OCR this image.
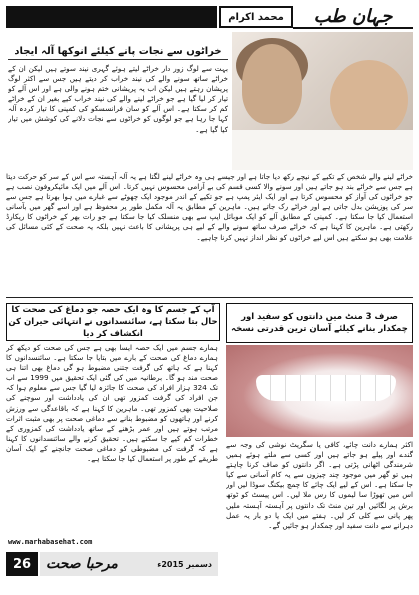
محمد اکرام	جہان طب
خراٹوں سے نجات پانے کیلئے انوکھا آلہ ایجاد
بہت سے لوگ زور دار خراٹے لیتے ہوئے گہری نیند سوتے ہیں لیکن ان کے خراٹے ساتھ سونے والے کی نیند خراب کر دیتے ہیں جس سے اکثر لوگ پریشان رہتے ہیں لیکن اب یہ پریشانی ختم ہونے والی ہے اور اس آلے کو تیار کر لیا گیا ہے جو خراٹے لینے والے کی نیند خراب کیے بغیر ان کے خراٹے کم کر سکتا ہے۔ اس آلے کو سان فرانسسکو کی کمپنی کا تیار کردہ آلہ کہا جا رہا ہے جو لوگوں کو خراٹوں سے نجات دلانے کی کوشش میں تیار کیا گیا ہے۔
خراٹے لینے والے شخص کے تکیے کے نیچے رکھ دیا جاتا ہے اور جیسے ہی وہ خراٹے لینے لگتا ہے یہ آلہ آہستہ سے اس کے سر کو حرکت دیتا ہے جس سے خراٹے بند ہو جاتے ہیں اور سونے والا کسی قسم کی بے آرامی محسوس نہیں کرتا۔ اس آلے میں ایک مائیکروفون نصب ہے جو خراٹوں کی آواز کو محسوس کرتا ہے اور ایک ایئر پمپ ہے جو تکیے کے اندر موجود ایک چھوٹے سے غبارے میں ہوا بھرتا ہے جس سے سر کی پوزیشن بدل جاتی ہے اور خراٹے رک جاتے ہیں۔ ماہرین کے مطابق یہ آلہ مکمل طور پر محفوظ ہے اور اسے گھر میں بآسانی استعمال کیا جا سکتا ہے۔ کمپنی کے مطابق آلے کو ایک موبائل ایپ سے بھی منسلک کیا جا سکتا ہے جو رات بھر کے خراٹوں کا ریکارڈ رکھتی ہے۔ ماہرین کا کہنا ہے کہ خراٹے صرف ساتھ سونے والے کے لیے ہی پریشانی کا باعث نہیں بلکہ یہ صحت کے کئی مسائل کی علامت بھی ہو سکتے ہیں اس لیے خراٹوں کو نظر انداز نہیں کرنا چاہیے۔
صرف 3 منٹ میں دانتوں کو سفید اور چمکدار بنانے کیلئے آسان ترین قدرتی نسخہ
اکثر ہمارے دانت چائے، کافی یا سگریٹ نوشی کی وجہ سے گندے اور پیلے ہو جاتے ہیں اور کسی سے ملتے ہوئے ہمیں شرمندگی اٹھانی پڑتی ہے۔ اگر دانتوں کو صاف کرنا چاہتے ہیں تو گھر میں موجود چند چیزوں سے یہ کام آسانی سے کیا جا سکتا ہے۔ اس کے لیے ایک چائے کا چمچ بیکنگ سوڈا لیں اور اس میں تھوڑا سا لیموں کا رس ملا لیں۔ اس پیسٹ کو ٹوتھ برش پر لگائیں اور تین منٹ تک دانتوں پر آہستہ آہستہ ملیں پھر پانی سے کلی کر لیں۔ ہفتے میں ایک یا دو بار یہ عمل دہرانے سے دانت سفید اور چمکدار ہو جائیں گے۔
آپ کے جسم کا وہ ایک حصہ جو دماغ کی صحت کا حال بتا سکتا ہے، سائنسدانوں نے انتہائی حیران کن انکشاف کر دیا
ہمارے جسم میں ایک حصہ ایسا بھی ہے جس کی صحت کو دیکھ کر ہمارے دماغ کی صحت کے بارے میں بتایا جا سکتا ہے۔ سائنسدانوں کا کہنا ہے کہ ہاتھ کی گرفت جتنی مضبوط ہو گی دماغ بھی اتنا ہی صحت مند ہو گا۔ برطانیہ میں کی گئی ایک تحقیق میں 1999 سے اب تک 324 ہزار افراد کی صحت کا جائزہ لیا گیا جس سے معلوم ہوا کہ جن افراد کی گرفت کمزور تھی ان کی یادداشت اور سوچنے کی صلاحیت بھی کمزور تھی۔ ماہرین کا کہنا ہے کہ باقاعدگی سے ورزش کرنے اور ہاتھوں کو مضبوط بنانے سے دماغی صحت پر بھی مثبت اثرات مرتب ہوتے ہیں اور عمر بڑھنے کے ساتھ یادداشت کی کمزوری کے خطرات کم کیے جا سکتے ہیں۔ تحقیق کرنے والے سائنسدانوں کا کہنا ہے کہ گرفت کی مضبوطی کو دماغی صحت جانچنے کے ایک آسان طریقے کے طور پر استعمال کیا جا سکتا ہے۔
www.marhabasehat.com
26	مرحبا صحت	دسمبر 2015ء
